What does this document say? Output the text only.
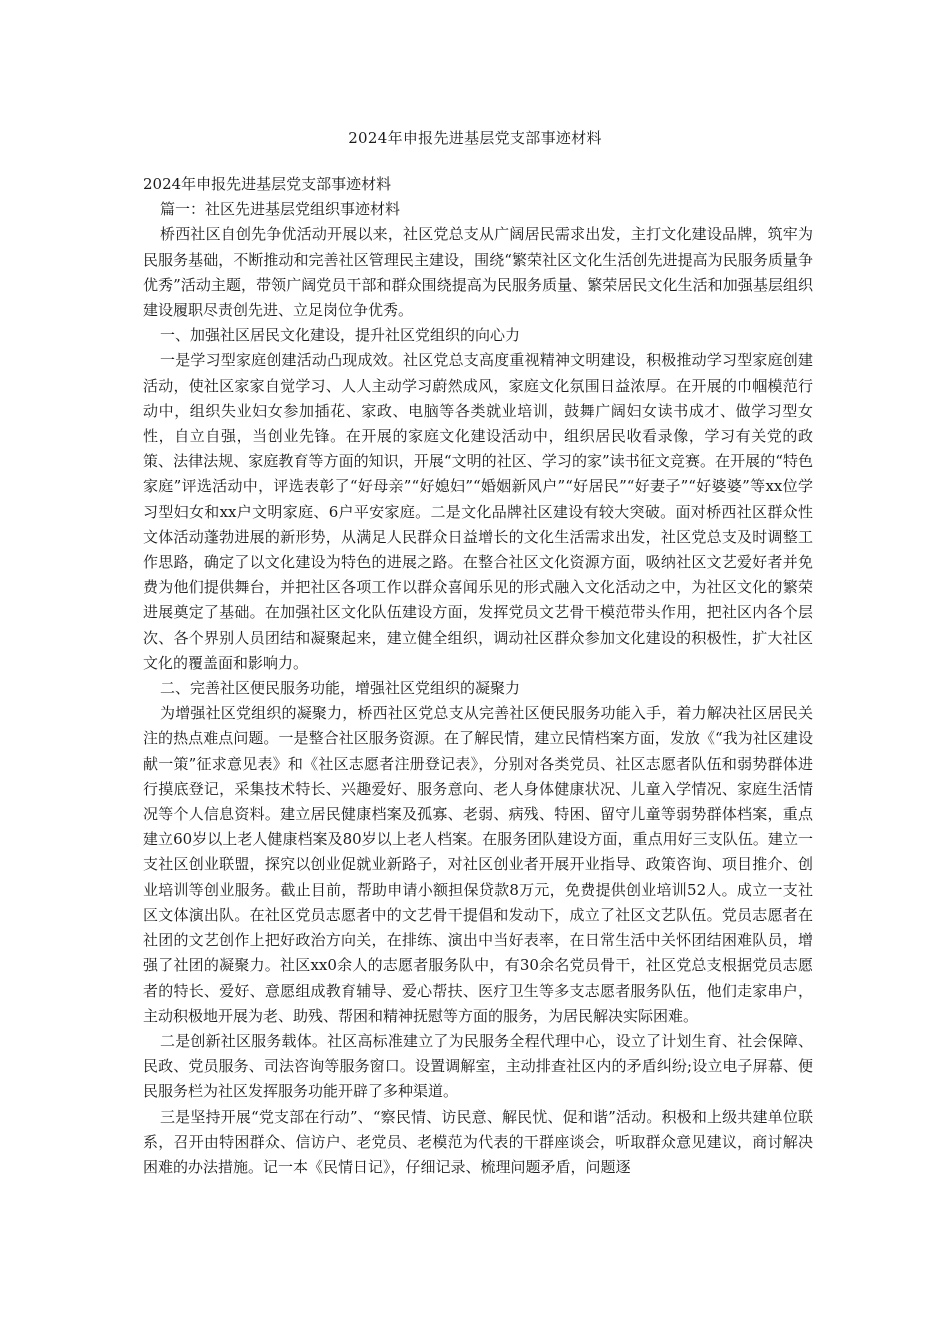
2024年申报先进基层党支部事迹材料

2024年申报先进基层党支部事迹材料

篇一：社区先进基层党组织事迹材料

桥西社区自创先争优活动开展以来，社区党总支从广阔居民需求出发，主打文化建设品牌，筑牢为民服务基础，不断推动和完善社区管理民主建设，围绕“繁荣社区文化生活创先进提高为民服务质量争优秀”活动主题，带领广阔党员干部和群众围绕提高为民服务质量、繁荣居民文化生活和加强基层组织建设履职尽责创先进、立足岗位争优秀。

一、加强社区居民文化建设，提升社区党组织的向心力

一是学习型家庭创建活动凸现成效。社区党总支高度重视精神文明建设，积极推动学习型家庭创建活动，使社区家家自觉学习、人人主动学习蔚然成风，家庭文化氛围日益浓厚。在开展的巾帼模范行动中，组织失业妇女参加插花、家政、电脑等各类就业培训，鼓舞广阔妇女读书成才、做学习型女性，自立自强，当创业先锋。在开展的家庭文化建设活动中，组织居民收看录像，学习有关党的政策、法律法规、家庭教育等方面的知识，开展“文明的社区、学习的家”读书征文竞赛。在开展的“特色家庭”评选活动中，评选表彰了“好母亲”“好媳妇”“婚姻新风户”“好居民”“好妻子”“好婆婆”等xx位学习型妇女和xx户文明家庭、6户平安家庭。二是文化品牌社区建设有较大突破。面对桥西社区群众性文体活动蓬勃进展的新形势，从满足人民群众日益增长的文化生活需求出发，社区党总支及时调整工作思路，确定了以文化建设为特色的进展之路。在整合社区文化资源方面，吸纳社区文艺爱好者并免费为他们提供舞台，并把社区各项工作以群众喜闻乐见的形式融入文化活动之中，为社区文化的繁荣进展奠定了基础。在加强社区文化队伍建设方面，发挥党员文艺骨干模范带头作用，把社区内各个层次、各个界别人员团结和凝聚起来，建立健全组织，调动社区群众参加文化建设的积极性，扩大社区文化的覆盖面和影响力。

二、完善社区便民服务功能，增强社区党组织的凝聚力

为增强社区党组织的凝聚力，桥西社区党总支从完善社区便民服务功能入手，着力解决社区居民关注的热点难点问题。一是整合社区服务资源。在了解民情，建立民情档案方面，发放《“我为社区建设献一策”征求意见表》和《社区志愿者注册登记表》，分别对各类党员、社区志愿者队伍和弱势群体进行摸底登记，采集技术特长、兴趣爱好、服务意向、老人身体健康状况、儿童入学情况、家庭生活情况等个人信息资料。建立居民健康档案及孤寡、老弱、病残、特困、留守儿童等弱势群体档案，重点建立60岁以上老人健康档案及80岁以上老人档案。在服务团队建设方面，重点用好三支队伍。建立一支社区创业联盟，探究以创业促就业新路子，对社区创业者开展开业指导、政策咨询、项目推介、创业培训等创业服务。截止目前，帮助申请小额担保贷款8万元，免费提供创业培训52人。成立一支社区文体演出队。在社区党员志愿者中的文艺骨干提倡和发动下，成立了社区文艺队伍。党员志愿者在社团的文艺创作上把好政治方向关，在排练、演出中当好表率，在日常生活中关怀团结困难队员，增强了社团的凝聚力。社区xx0余人的志愿者服务队中，有30余名党员骨干，社区党总支根据党员志愿者的特长、爱好、意愿组成教育辅导、爱心帮扶、医疗卫生等多支志愿者服务队伍，他们走家串户，主动积极地开展为老、助残、帮困和精神抚慰等方面的服务，为居民解决实际困难。

二是创新社区服务载体。社区高标准建立了为民服务全程代理中心，设立了计划生育、社会保障、民政、党员服务、司法咨询等服务窗口。设置调解室，主动排查社区内的矛盾纠纷;设立电子屏幕、便民服务栏为社区发挥服务功能开辟了多种渠道。

三是坚持开展“党支部在行动”、“察民情、访民意、解民忧、促和谐”活动。积极和上级共建单位联系，召开由特困群众、信访户、老党员、老模范为代表的干群座谈会，听取群众意见建议，商讨解决困难的办法措施。记一本《民情日记》，仔细记录、梳理问题矛盾，问题逐
